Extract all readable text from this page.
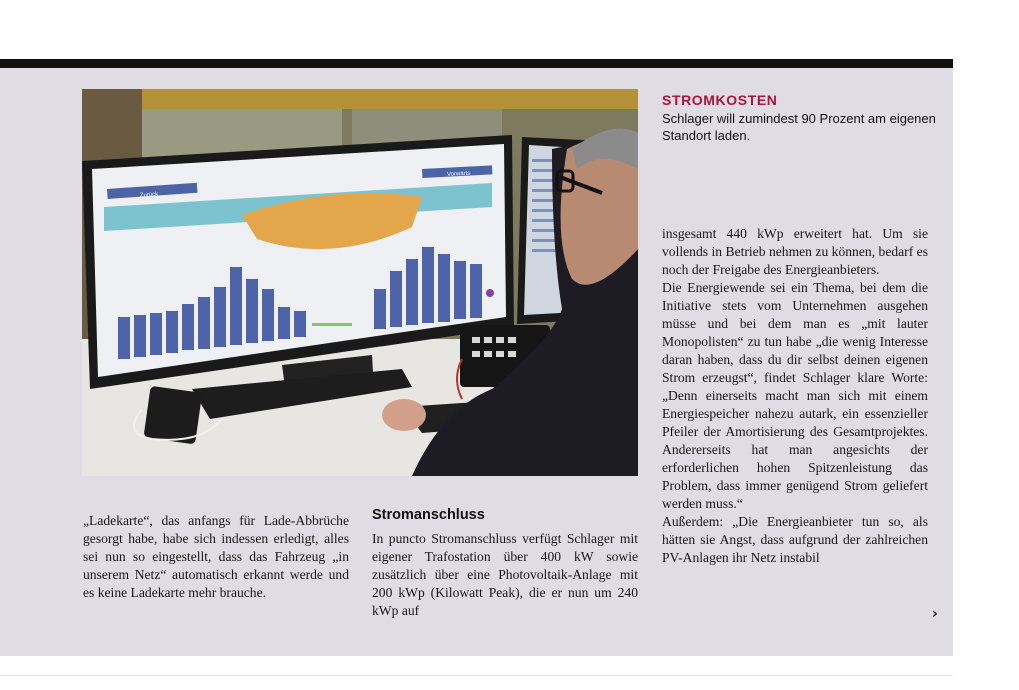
Zurück
Vorwärts
STROMKOSTEN
Schlager will zumindest 90 Prozent am eigenen Standort laden.

„Ladekarte“, das anfangs für Lade-Abbrüche gesorgt habe, habe sich indessen erledigt, alles sei nun so eingestellt, dass das Fahrzeug „in unserem Netz“ automatisch erkannt werde und es keine Ladekarte mehr brauche.

Stromanschluss

In puncto Stromanschluss verfügt Schlager mit eigener Trafostation über 400 kW sowie zusätzlich über eine Photovoltaik-Anlage mit 200 kWp (Kilowatt Peak), die er nun um 240 kWp auf

insgesamt 440 kWp erweitert hat. Um sie vollends in Betrieb nehmen zu können, bedarf es noch der Freigabe des Energieanbieters.

Die Energiewende sei ein Thema, bei dem die Initiative stets vom Unternehmen ausgehen müsse und bei dem man es „mit lauter Monopolisten“ zu tun habe „die wenig Interesse daran haben, dass du dir selbst deinen eigenen Strom erzeugst“, findet Schlager klare Worte: „Denn einerseits macht man sich mit einem Energiespeicher nahezu autark, ein essenzieller Pfeiler der Amortisierung des Gesamtprojektes. Andererseits hat man angesichts der erforderlichen hohen Spitzenleistung das Problem, dass immer genügend Strom geliefert werden muss.“

Außerdem: „Die Energieanbieter tun so, als hätten sie Angst, dass aufgrund der zahlreichen PV-Anlagen ihr Netz instabil

›
